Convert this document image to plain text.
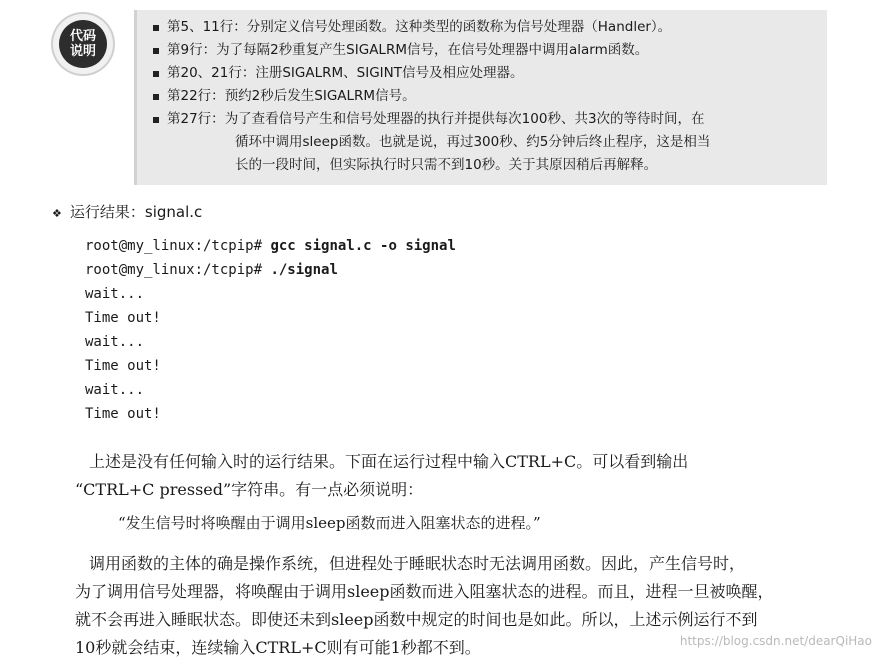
代码
说明
第5、11行：分别定义信号处理函数。这种类型的函数称为信号处理器（Handler）。
第9行：为了每隔2秒重复产生SIGALRM信号，在信号处理器中调用alarm函数。
第20、21行：注册SIGALRM、SIGINT信号及相应处理器。
第22行：预约2秒后发生SIGALRM信号。
第27行：为了查看信号产生和信号处理器的执行并提供每次100秒、共3次的等待时间，在
循环中调用sleep函数。也就是说，再过300秒、约5分钟后终止程序，这是相当
长的一段时间，但实际执行时只需不到10秒。关于其原因稍后再解释。
❖ 运行结果：signal.c
root@my_linux:/tcpip# gcc signal.c -o signal
root@my_linux:/tcpip# ./signal
wait...
Time out!
wait...
Time out!
wait...
Time out!
上述是没有任何输入时的运行结果。下面在运行过程中输入CTRL+C。可以看到输出
“CTRL+C pressed”字符串。有一点必须说明：
“发生信号时将唤醒由于调用sleep函数而进入阻塞状态的进程。”
调用函数的主体的确是操作系统，但进程处于睡眠状态时无法调用函数。因此，产生信号时，
为了调用信号处理器，将唤醒由于调用sleep函数而进入阻塞状态的进程。而且，进程一旦被唤醒，
就不会再进入睡眠状态。即使还未到sleep函数中规定的时间也是如此。所以，上述示例运行不到
10秒就会结束，连续输入CTRL+C则有可能1秒都不到。	https://blog.csdn.net/dearQiHao
